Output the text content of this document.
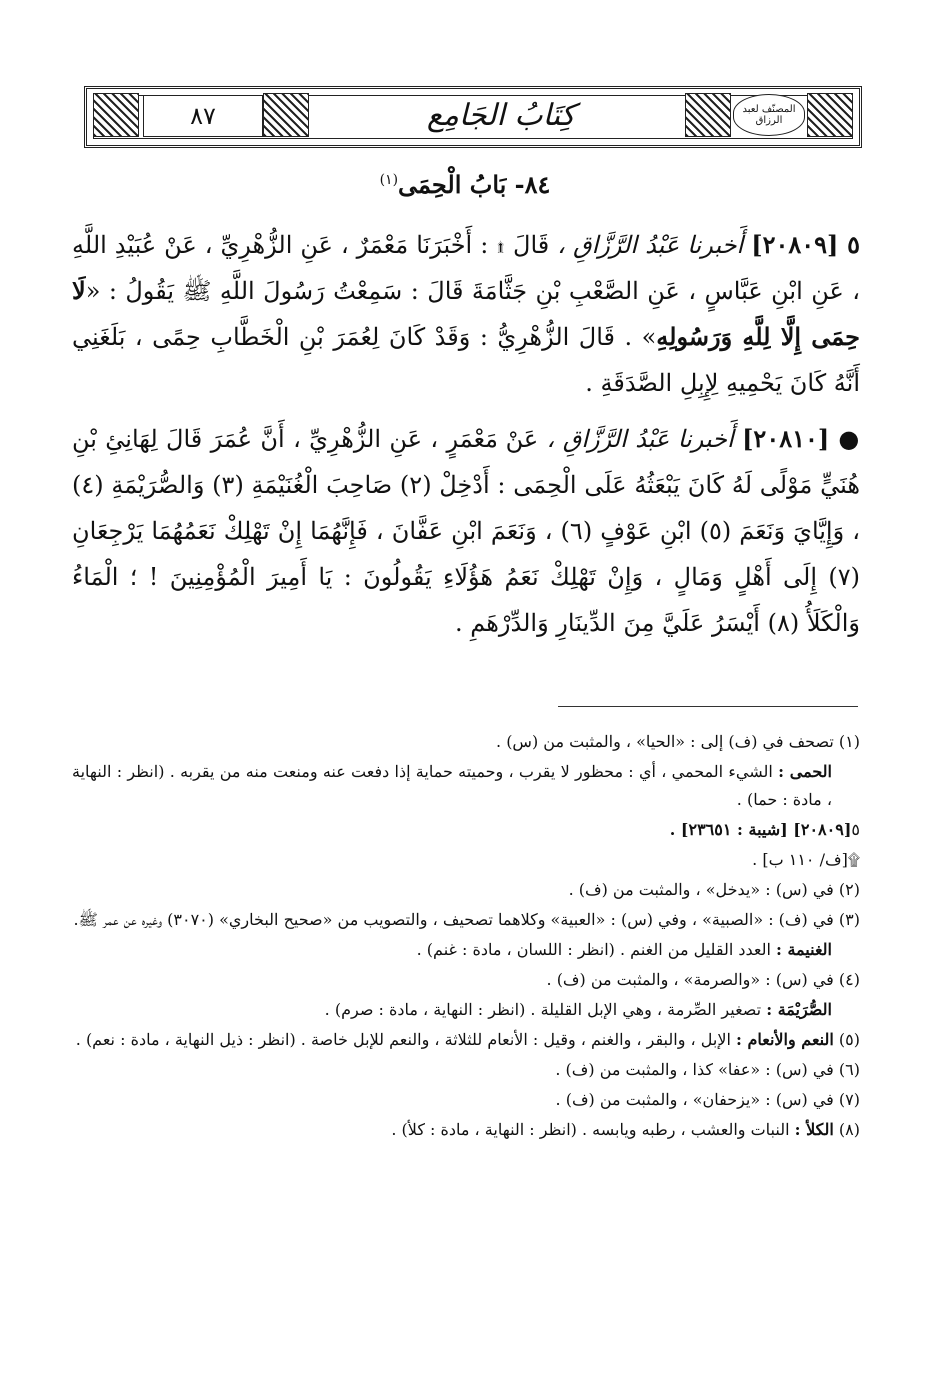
٨٧	كِتَابُ الجَامِع	المصنّف لعبد الرزاق
٨٤- بَابُ الْحِمَى$^{(١)}$

٥ [٢٠٨٠٩] أَخبرنا عَبْدُ الرَّزَّاقِ ، قَالَ ۩ : أَخْبَرَنَا مَعْمَرٌ ، عَنِ الزُّهْرِيِّ ، عَنْ عُبَيْدِ اللَّهِ ، عَنِ ابْنِ عَبَّاسٍ ، عَنِ الصَّعْبِ بْنِ جَثَّامَةَ قَالَ : سَمِعْتُ رَسُولَ اللَّهِ ﷺ يَقُولُ : «لَا حِمَى إِلَّا لِلَّهِ وَرَسُولِهِ» . قَالَ الزُّهْرِيُّ : وَقَدْ كَانَ لِعُمَرَ بْنِ الْخَطَّابِ حِمًى ، بَلَغَنِي أَنَّهُ كَانَ يَحْمِيهِ لِإِبِلِ الصَّدَقَةِ .

● [٢٠٨١٠] أَخبرنا عَبْدُ الرَّزَّاقِ ، عَنْ مَعْمَرٍ ، عَنِ الزُّهْرِيِّ ، أَنَّ عُمَرَ قَالَ لِهَانِئِ بْنِ هُنَيٍّ مَوْلًى لَهُ كَانَ يَبْعَثُهُ عَلَى الْحِمَى : أَدْخِلْ (٢) صَاحِبَ الْغُنَيْمَةِ (٣) وَالصُّرَيْمَةِ (٤) ، وَإِيَّايَ وَنَعَمَ (٥) ابْنِ عَوْفٍ (٦) ، وَنَعَمَ ابْنِ عَفَّانَ ، فَإِنَّهُمَا إِنْ تَهْلِكْ نَعَمُهُمَا يَرْجِعَانِ (٧) إِلَى أَهْلٍ وَمَالٍ ، وَإِنْ تَهْلِكْ نَعَمُ هَؤُلَاءِ يَقُولُونَ : يَا أَمِيرَ الْمُؤْمِنِينَ ! ؛ الْمَاءُ وَالْكَلَأُ (٨) أَيْسَرُ عَلَيَّ مِنَ الدِّينَارِ وَالدِّرْهَمِ .

(١) تصحف في (ف) إلى : «الحيا» ، والمثبت من (س) .

الحمى : الشيء المحمي ، أي : محظور لا يقرب ، وحميته حماية إذا دفعت عنه ومنعت منه من يقربه . (انظر : النهاية ، مادة : حما) .

٥[٢٠٨٠٩] [شيبة : ٢٣٦٥١] .

۩[ف/ ١١٠ ب] .

(٢) في (س) : «يدخل» ، والمثبت من (ف) .

(٣) في (ف) : «الصبية» ، وفي (س) : «العبية» وكلاهما تصحيف ، والتصويب من «صحيح البخاري» (٣٠٧٠) وغيره عن عمر ﷺ.

الغنيمة : العدد القليل من الغنم . (انظر : اللسان ، مادة : غنم) .

(٤) في (س) : «والصرمة» ، والمثبت من (ف) .

الصُّرَيْمَة : تصغير الصِّرمة ، وهي الإبل القليلة . (انظر : النهاية ، مادة : صرم) .

(٥) النعم والأنعام : الإبل ، والبقر ، والغنم ، وقيل : الأنعام للثلاثة ، والنعم للإبل خاصة . (انظر : ذيل النهاية ، مادة : نعم) .

(٦) في (س) : «عفا» كذا ، والمثبت من (ف) .

(٧) في (س) : «يزحفان» ، والمثبت من (ف) .

(٨) الكلأ : النبات والعشب ، رطبه ويابسه . (انظر : النهاية ، مادة : كلأ) .
